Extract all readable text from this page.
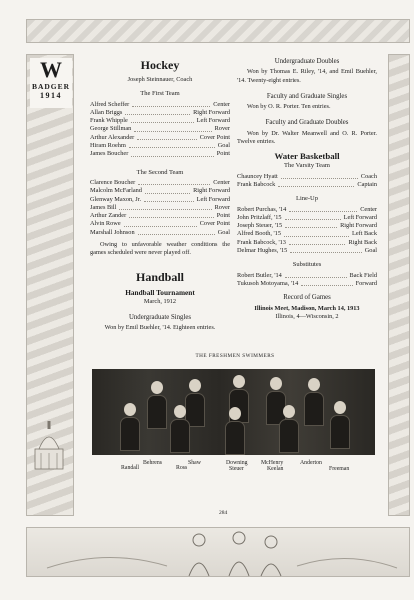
W
BADGER
1914
Hockey
Joseph Steinnauer, Coach
The First Team
Alfred Scheffer	Center
Allan Briggs	Right Forward
Frank Whipple	Left Forward
George Stillman	Rover
Arthur Alexander	Cover Point
Hiram Roehm	Goal
James Boucher	Point
The Second Team
Clarence Boucher	Center
Malcolm McFarland	Right Forward
Glenway Maxon, Jr.	Left Forward
James Bill	Rover
Arthur Zander	Point
Alvin Rowe	Cover Point
Marshall Johnson	Goal
Owing to unfavorable weather conditions the games scheduled were never played off.
Handball
Handball Tournament
March, 1912
Undergraduate Singles
Won by Emil Buehler, '14. Eighteen entries.
Undergraduate Doubles
Won by Thomas E. Riley, '14, and Emil Buehler, '14. Twenty-eight entries.
Faculty and Graduate Singles
Won by O. R. Porter. Ten entries.
Faculty and Graduate Doubles
Won by Dr. Walter Meanwell and O. R. Porter. Twelve entries.
Water Basketball
The Varsity Team
Chauncey Hyatt	Coach
Frank Babcock	Captain
Line-Up
Robert Purchas, '14	Center
John Pritzlaff, '15	Left Forward
Joseph Steuer, '15	Right Forward
Alfred Booth, '15	Left Back
Frank Babcock, '13	Right Back
Delmar Hughes, '15	Goal
Substitutes
Robert Butler, '14	Back Field
Tukusoh Motoyama, '14	Forward
Record of Games
Illinois Meet, Madison, March 14, 1913
Illinois, 4—Wisconsin, 2
THE FRESHMEN SWIMMERS
Randall
Behrens
Ross
Shaw	Downing
Steuer
McHenry
Keelan
Anderton
Freeman
284
